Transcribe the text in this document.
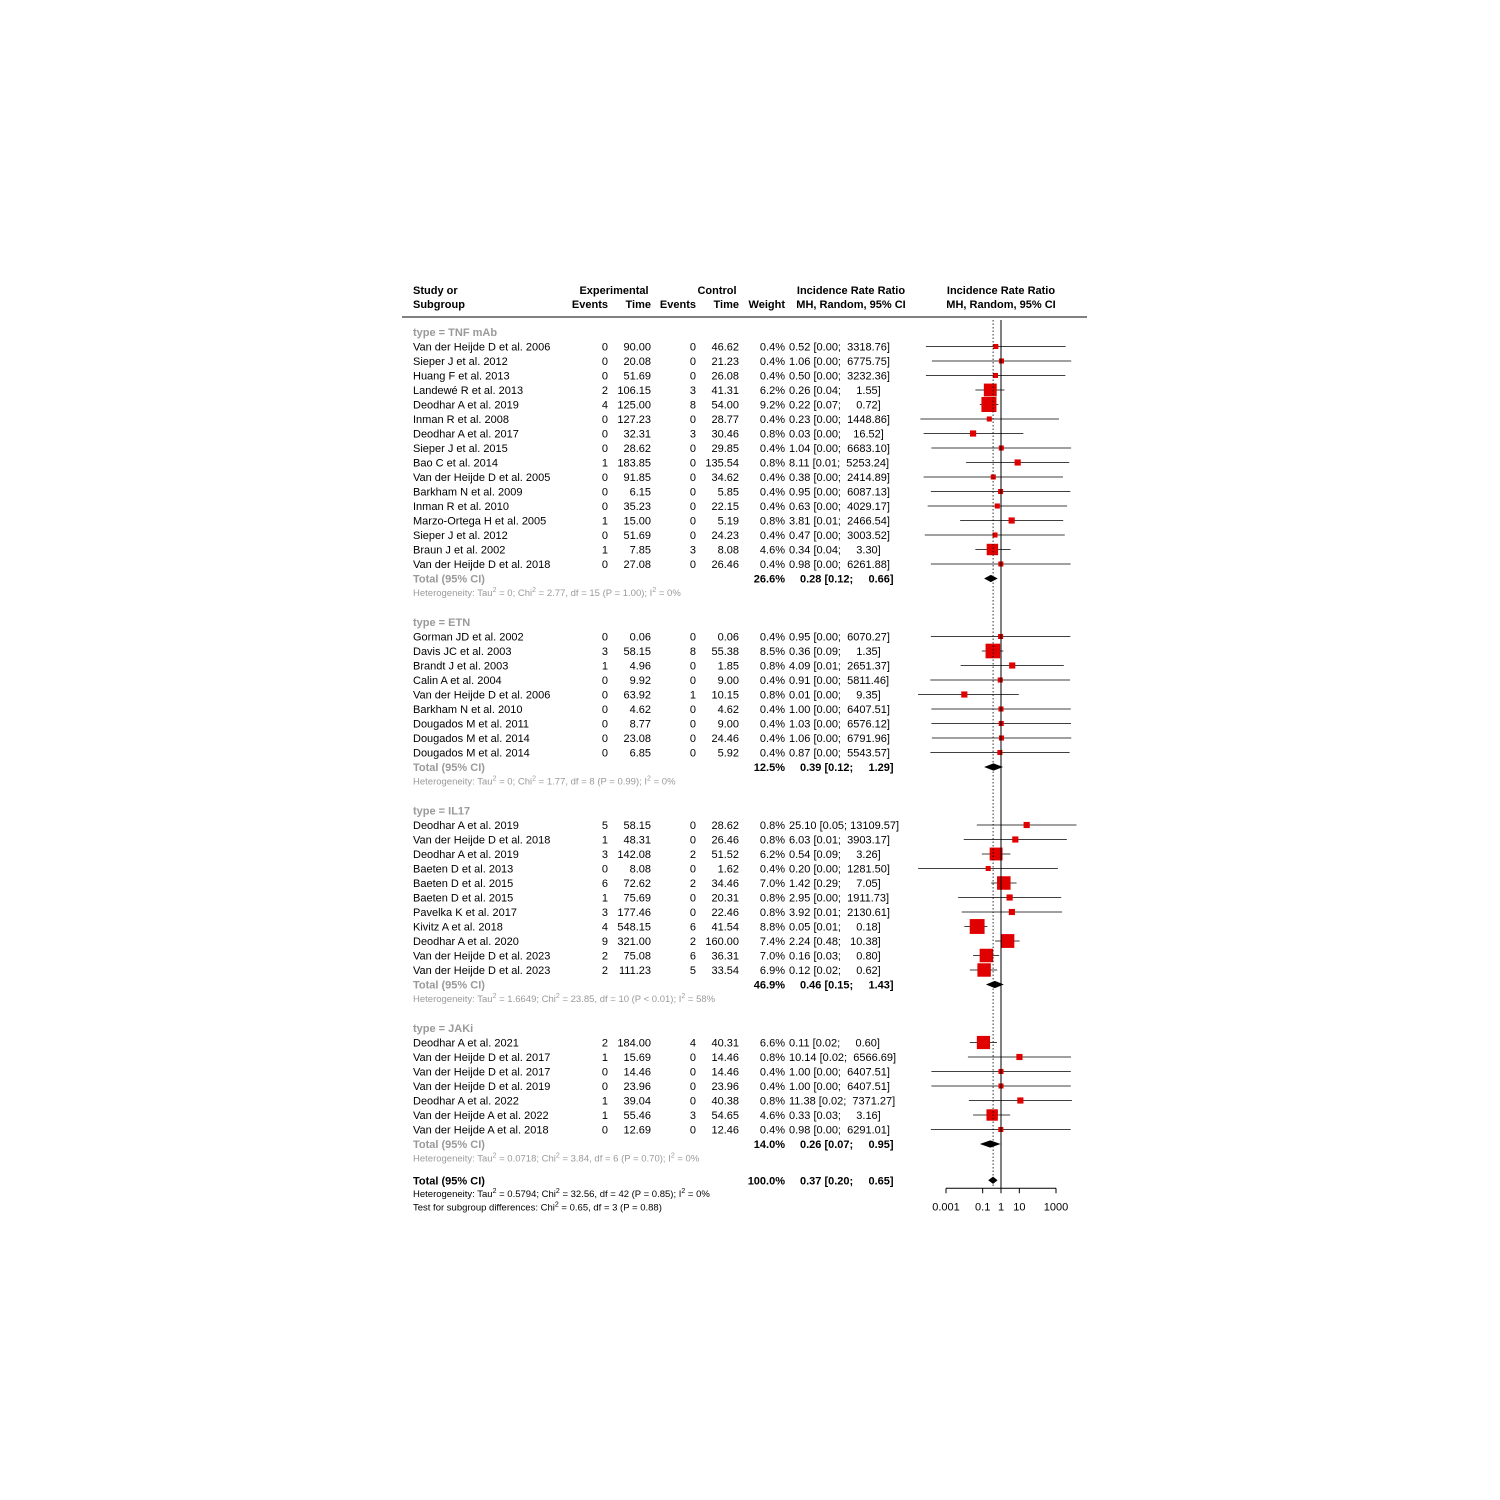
Study or
Subgroup
Experimental	Control
Events Time Events Time Weight
Incidence Rate Ratio
MH, Random, 95% CI
Incidence Rate Ratio
MH, Random, 95% CI
type = TNF mAb
Van der Heijde D et al. 2006	0 90.00	0 46.62 0.4% 0.52 [0.00;  3318.76]
Sieper J et al. 2012	0 20.08	0 21.23 0.4% 1.06 [0.00;  6775.75]
Huang F et al. 2013	0 51.69	0 26.08 0.4% 0.50 [0.00;  3232.36]
Landewé R et al. 2013	2 106.15	3 41.31 6.2% 0.26 [0.04;     1.55]
Deodhar A et al. 2019	4 125.00	8 54.00 9.2% 0.22 [0.07;     0.72]
Inman R et al. 2008	0 127.23	0 28.77 0.4% 0.23 [0.00;  1448.86]
Deodhar A et al. 2017	0 32.31	3 30.46 0.8% 0.03 [0.00;    16.52]
Sieper J et al. 2015	0 28.62	0 29.85 0.4% 1.04 [0.00;  6683.10]
Bao C et al. 2014	1 183.85	0 135.54 0.8% 8.11 [0.01;  5253.24]
Van der Heijde D et al. 2005	0 91.85	0 34.62 0.4% 0.38 [0.00;  2414.89]
Barkham N et al. 2009	0 6.15	0 5.85 0.4% 0.95 [0.00;  6087.13]
Inman R et al. 2010	0 35.23	0 22.15 0.4% 0.63 [0.00;  4029.17]
Marzo-Ortega H et al. 2005	1 15.00	0 5.19 0.8% 3.81 [0.01;  2466.54]
Sieper J et al. 2012	0 51.69	0 24.23 0.4% 0.47 [0.00;  3003.52]
Braun J et al. 2002	1 7.85	3 8.08 4.6% 0.34 [0.04;     3.30]
Van der Heijde D et al. 2018	0 27.08	0 26.46 0.4% 0.98 [0.00;  6261.88]
Total (95% CI)	26.6% 0.28 [0.12;     0.66]
Heterogeneity: Tau2 = 0; Chi2 = 2.77, df = 15 (P = 1.00); I2 = 0%
type = ETN
Gorman JD et al. 2002	0 0.06	0 0.06 0.4% 0.95 [0.00;  6070.27]
Davis JC et al. 2003	3 58.15	8 55.38 8.5% 0.36 [0.09;     1.35]
Brandt J et al. 2003	1 4.96	0 1.85 0.8% 4.09 [0.01;  2651.37]
Calin A et al. 2004	0 9.92	0 9.00 0.4% 0.91 [0.00;  5811.46]
Van der Heijde D et al. 2006	0 63.92	1 10.15 0.8% 0.01 [0.00;     9.35]
Barkham N et al. 2010	0 4.62	0 4.62 0.4% 1.00 [0.00;  6407.51]
Dougados M et al. 2011	0 8.77	0 9.00 0.4% 1.03 [0.00;  6576.12]
Dougados M et al. 2014	0 23.08	0 24.46 0.4% 1.06 [0.00;  6791.96]
Dougados M et al. 2014	0 6.85	0 5.92 0.4% 0.87 [0.00;  5543.57]
Total (95% CI)	12.5% 0.39 [0.12;     1.29]
Heterogeneity: Tau2 = 0; Chi2 = 1.77, df = 8 (P = 0.99); I2 = 0%
type = IL17
Deodhar A et al. 2019	5 58.15	0 28.62 0.8% 25.10 [0.05; 13109.57]
Van der Heijde D et al. 2018	1 48.31	0 26.46 0.8% 6.03 [0.01;  3903.17]
Deodhar A et al. 2019	3 142.08	2 51.52 6.2% 0.54 [0.09;     3.26]
Baeten D et al. 2013	0 8.08	0 1.62 0.4% 0.20 [0.00;  1281.50]
Baeten D et al. 2015	6 72.62	2 34.46 7.0% 1.42 [0.29;     7.05]
Baeten D et al. 2015	1 75.69	0 20.31 0.8% 2.95 [0.00;  1911.73]
Pavelka K et al. 2017	3 177.46	0 22.46 0.8% 3.92 [0.01;  2130.61]
Kivitz A et al. 2018	4 548.15	6 41.54 8.8% 0.05 [0.01;     0.18]
Deodhar A et al. 2020	9 321.00	2 160.00 7.4% 2.24 [0.48;   10.38]
Van der Heijde D et al. 2023	2 75.08	6 36.31 7.0% 0.16 [0.03;     0.80]
Van der Heijde D et al. 2023	2 111.23	5 33.54 6.9% 0.12 [0.02;     0.62]
Total (95% CI)	46.9% 0.46 [0.15;     1.43]
Heterogeneity: Tau2 = 1.6649; Chi2 = 23.85, df = 10 (P < 0.01); I2 = 58%
type = JAKi
Deodhar A et al. 2021	2 184.00	4 40.31 6.6% 0.11 [0.02;     0.60]
Van der Heijde D et al. 2017	1 15.69	0 14.46 0.8% 10.14 [0.02;  6566.69]
Van der Heijde D et al. 2017	0 14.46	0 14.46 0.4% 1.00 [0.00;  6407.51]
Van der Heijde D et al. 2019	0 23.96	0 23.96 0.4% 1.00 [0.00;  6407.51]
Deodhar A et al. 2022	1 39.04	0 40.38 0.8% 11.38 [0.02;  7371.27]
Van der Heijde A et al. 2022	1 55.46	3 54.65 4.6% 0.33 [0.03;     3.16]
Van der Heijde A et al. 2018	0 12.69	0 12.46 0.4% 0.98 [0.00;  6291.01]
Total (95% CI)	14.0% 0.26 [0.07;     0.95]
Heterogeneity: Tau2 = 0.0718; Chi2 = 3.84, df = 6 (P = 0.70); I2 = 0%
Total (95% CI)	100.0% 0.37 [0.20;     0.65]
Heterogeneity: Tau2 = 0.5794; Chi2 = 32.56, df = 42 (P = 0.85); I2 = 0%
Test for subgroup differences: Chi2 = 0.65, df = 3 (P = 0.88)	0.001 0.1 1 10 1000
